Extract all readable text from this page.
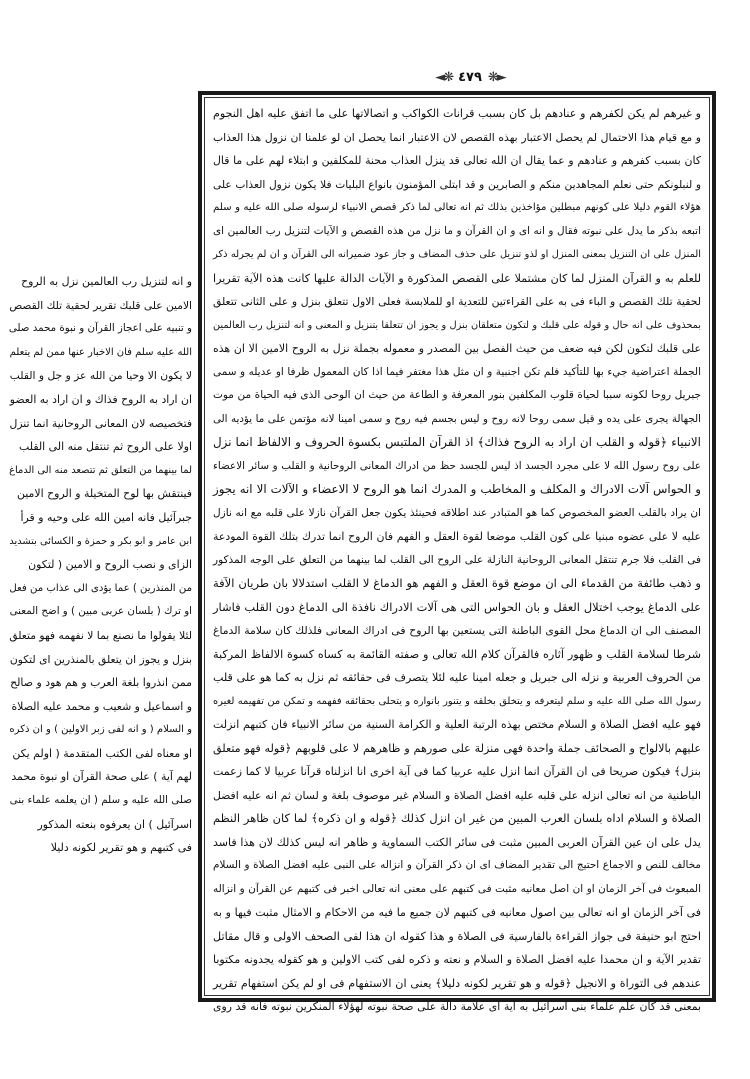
◄❋ ٤٧٩ ❋►
و غيرهم لم يكن لكفرهم و عنادهم بل كان بسبب قرانات الكواكب و اتصالاتها على ما اتفق عليه اهل النجوم
و مع قيام هذا الاحتمال لم يحصل الاعتبار بهذه القصص لان الاعتبار انما يحصل ان لو علمنا ان نزول هذا العذاب
كان بسبب كفرهم و عنادهم و عما يقال ان الله تعالى قد ينزل العذاب محنة للمكلفين و ابتلاء لهم على ما قال
و لنبلونكم حتى نعلم المجاهدين منكم و الصابرين و قد ابتلى المؤمنون بانواع البليات فلا يكون نزول العذاب على
هؤلاء القوم دليلا على كونهم مبطلين مؤاخذين بذلك ثم انه تعالى لما ذكر قصص الانبياء لرسوله صلى الله عليه و سلم
اتبعه بذكر ما يدل على نبوته فقال و انه اى و ان القرآن و ما نزل من هذه القصص و الآيات لتنزيل رب العالمين اى
المنزل على ان التنزيل بمعنى المنزل او لذو تنزيل على حذف المضاف و جاز عود ضميرانه الى القرآن و ان لم يجرله ذكر
للعلم به و القرآن المنزل لما كان مشتملا على القصص المذكورة و الآيات الدالة عليها كانت هذه الآية تقريرا
لحقية تلك القصص و الباء فى به على القراءتين للتعدية او للملابسة فعلى الاول تتعلق بنزل و على الثانى تتعلق
بمحذوف على انه حال و قوله على قلبك و لتكون متعلقان بنزل و يجوز ان تتعلقا بتنزيل و المعنى و انه لتنزيل رب العالمين
على قلبك لتكون لكن فيه ضعف من حيث الفصل بين المصدر و معموله بجملة نزل به الروح الامين الا ان هذه
الجملة اعتراضية جيء بها للتأكيد فلم تكن اجنبية و ان مثل هذا مغتفر فيما اذا كان المعمول ظرفا او عديله و سمى
جبريل روحا لكونه سببا لحياة قلوب المكلفين بنور المعرفة و الطاعة من حيث ان الوحى الذى فيه الحياة من موت
الجهالة يجرى على يده و قيل سمى روحا لانه روح و ليس بجسم فيه روح و سمى امينا لانه مؤتمن على ما يؤديه الى
الانبياء ﴿قوله و القلب ان اراد به الروح فذاك﴾ اذ القرآن الملتبس بكسوة الحروف و الالفاظ انما نزل
على روح رسول الله لا على مجرد الجسد اذ ليس للجسد حظ من ادراك المعانى الروحانية و القلب و سائر الاعضاء
و الحواس آلات الادراك و المكلف و المخاطب و المدرك انما هو الروح لا الاعضاء و الآلات الا انه يجوز
ان يراد بالقلب العضو المخصوص كما هو المتبادر عند اطلاقه فحينئذ يكون جعل القرآن نازلا على قلبه مع انه نازل
عليه لا على عضوه مبنيا على كون القلب موضعا لقوة العقل و الفهم فان الروح انما تدرك بتلك القوة المودعة
فى القلب فلا جرم تنتقل المعانى الروحانية النازلة على الروح الى القلب لما بينهما من التعلق على الوجه المذكور
و ذهب طائفة من القدماء الى ان موضع قوة العقل و الفهم هو الدماغ لا القلب استدلالا بان طريان الآفة
على الدماغ يوجب اختلال العقل و بان الحواس التى هى آلات الادراك نافذة الى الدماغ دون القلب فاشار
المصنف الى ان الدماغ محل القوى الباطنة التى يستعين بها الروح فى ادراك المعانى فلذلك كان سلامة الدماغ
شرطا لسلامة القلب و ظهور آثاره فالقرآن كلام الله تعالى و صفته القائمة به كساه كسوة الالفاظ المركبة
من الحروف العربية و نزله الى جبريل و جعله امينا عليه لئلا يتصرف فى حقائقه ثم نزل به كما هو على قلب
رسول الله صلى الله عليه و سلم ليتعرفه و يتخلق بخلقه و يتنور بانواره و يتحلى بحقائقه ففهمه و تمكن من تفهيمه لغيره
فهو عليه افضل الصلاة و السلام مختص بهذه الرتبة العلية و الكرامة السنية من سائر الانبياء فان كتبهم انزلت
عليهم بالالواح و الصحائف جملة واحدة فهى منزلة على صورهم و ظاهرهم لا على قلوبهم ﴿قوله فهو متعلق
بنزل﴾ فيكون صريحا فى ان القرآن انما انزل عليه عربيا كما فى آية اخرى انا انزلناه قرآنا عربيا لا كما زعمت
الباطنية من انه تعالى انزله على قلبه عليه افضل الصلاة و السلام غير موصوف بلغة و لسان ثم انه عليه افضل
الصلاة و السلام اداه بلسان العرب المبين من غير ان انزل كذلك ﴿قوله و ان ذكره﴾ لما كان ظاهر النظم
يدل على ان عين القرآن العربى المبين مثبت فى سائر الكتب السماوية و ظاهر انه ليس كذلك لان هذا فاسد
مخالف للنص و الاجماع احتيج الى تقدير المضاف اى ان ذكر القرآن و انزاله على النبى عليه افضل الصلاة و السلام
المبعوث فى آخر الزمان او ان اصل معانيه مثبت فى كتبهم على معنى انه تعالى اخبر فى كتبهم عن القرآن و انزاله
فى آخر الزمان او انه تعالى بين اصول معانيه فى كتبهم لان جميع ما فيه من الاحكام و الامثال مثبت فيها و به
احتج ابو حنيفة فى جواز القراءة بالفارسية فى الصلاة و هذا كقوله ان هذا لفى الصحف الاولى و قال مقاتل
تقدير الآية و ان محمدا عليه افضل الصلاة و السلام و نعته و ذكره لفى كتب الاولين و هو كقوله يجدونه مكتوبا
عندهم فى التوراة و الانجيل ﴿قوله و هو تقرير لكونه دليلا﴾ يعنى ان الاستفهام فى او لم يكن استفهام تقرير
بمعنى قد كان علم علماء بنى اسرائيل به آية اى علامة دالة على صحة نبوته لهؤلاء المنكرين نبوته فانه قد روى
و انه لتنزيل رب العالمين نزل به الروح
الامين على قلبك تقرير لحقية تلك القصص
و تنبيه على اعجاز القرآن و نبوة محمد صلى
الله عليه سلم فان الاخبار عنها ممن لم يتعلم
لا يكون الا وحيا من الله عز و جل و القلب
ان اراد به الروح فذاك و ان اراد به العضو
فتخصيصه لان المعانى الروحانية انما تنزل
اولا على الروح ثم تنتقل منه الى القلب
لما بينهما من التعلق ثم تتصعد منه الى الدماغ
فينتقش بها لوح المتخيلة و الروح الامين
جبرآئيل فانه امين الله على وحيه و قرأ
ابن عامر و ابو بكر و حمزة و الكسائى بتشديد
الزاى و نصب الروح و الامين ( لتكون
من المنذرين ) عما يؤدى الى عذاب من فعل
او ترك ( بلسان عربى مبين ) و اضح المعنى
لئلا يقولوا ما نصنع بما لا نفهمه فهو متعلق
بنزل و يجوز ان يتعلق بالمنذرين اى لتكون
ممن انذروا بلغة العرب و هم هود و صالح
و اسماعيل و شعيب و محمد عليه الصلاة
و السلام ( و انه لفى زبر الاولين ) و ان ذكره
او معناه لفى الكتب المتقدمة ( اولم يكن
لهم آية ) على صحة القرآن او نبوة محمد
صلى الله عليه و سلم ( ان يعلمه علماء بنى
اسرآئيل ) ان يعرفوه بنعته المذكور
فى كتبهم و هو تقرير لكونه دليلا
